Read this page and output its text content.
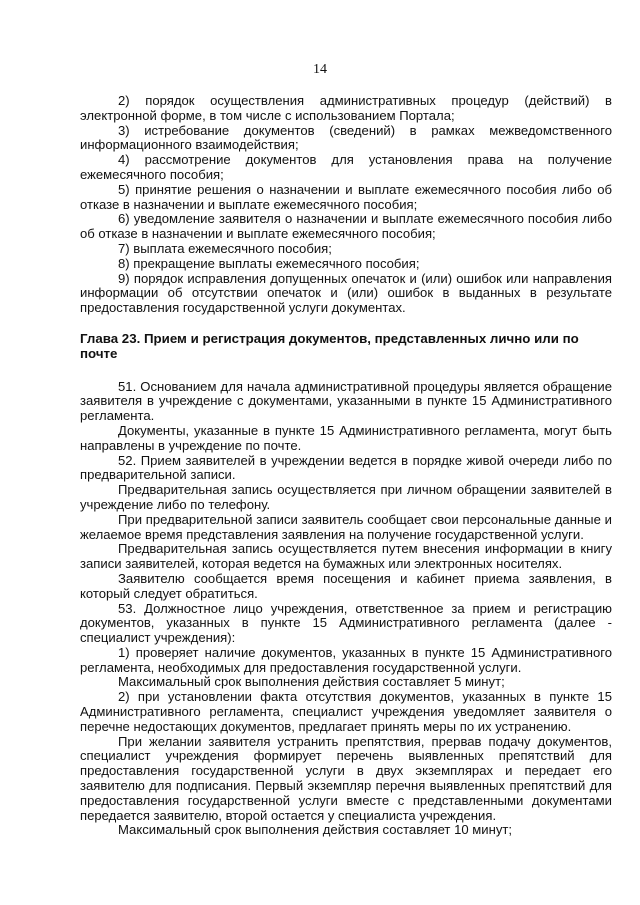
14

2) порядок осуществления административных процедур (действий) в электронной форме, в том числе с использованием Портала;

3) истребование документов (сведений) в рамках межведомственного информационного взаимодействия;

4) рассмотрение документов для установления права на получение ежемесячного пособия;

5) принятие решения о назначении и выплате ежемесячного пособия либо об отказе в назначении и выплате ежемесячного пособия;

6) уведомление заявителя о назначении и выплате ежемесячного пособия либо об отказе в назначении и выплате ежемесячного пособия;

7) выплата ежемесячного пособия;

8) прекращение выплаты ежемесячного пособия;

9) порядок исправления допущенных опечаток и (или) ошибок или направления информации об отсутствии опечаток и (или) ошибок в выданных в результате предоставления государственной услуги документах.

Глава 23. Прием и регистрация документов, представленных лично или по почте

51. Основанием для начала административной процедуры является обращение заявителя в учреждение с документами, указанными в пункте 15 Административного регламента.

Документы, указанные в пункте 15 Административного регламента, могут быть направлены в учреждение по почте.

52. Прием заявителей в учреждении ведется в порядке живой очереди либо по предварительной записи.

Предварительная запись осуществляется при личном обращении заявителей в учреждение либо по телефону.

При предварительной записи заявитель сообщает свои персональные данные и желаемое время представления заявления на получение государственной услуги.

Предварительная запись осуществляется путем внесения информации в книгу записи заявителей, которая ведется на бумажных или электронных носителях.

Заявителю сообщается время посещения и кабинет приема заявления, в который следует обратиться.

53. Должностное лицо учреждения, ответственное за прием и регистрацию документов, указанных в пункте 15 Административного регламента (далее - специалист учреждения):

1) проверяет наличие документов, указанных в пункте 15 Административного регламента, необходимых для предоставления государственной услуги.

Максимальный срок выполнения действия составляет 5 минут;

2) при установлении факта отсутствия документов, указанных в пункте 15 Административного регламента, специалист учреждения уведомляет заявителя о перечне недостающих документов, предлагает принять меры по их устранению.

При желании заявителя устранить препятствия, прервав подачу документов, специалист учреждения формирует перечень выявленных препятствий для предоставления государственной услуги в двух экземплярах и передает его заявителю для подписания. Первый экземпляр перечня выявленных препятствий для предоставления государственной услуги вместе с представленными документами передается заявителю, второй остается у специалиста учреждения.

Максимальный срок выполнения действия составляет 10 минут;
